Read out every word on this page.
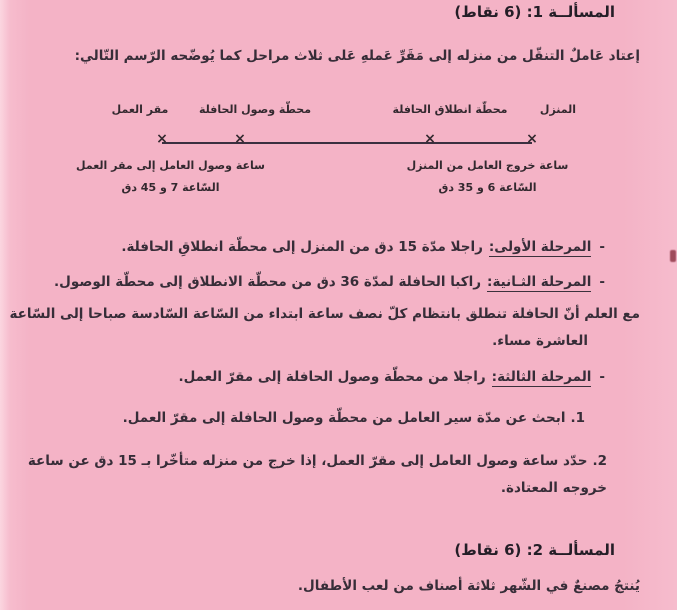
المسألــة 1: (6 نقاط)
إعتاد عَاملٌ التنقّل من منزله إلى مَقَرِّ عَملهِ عَلى ثلاث مراحل كما يُوضّحه الرّسم التّالي:
مقر العمل	محطّة وصول الحافلة	محطّة انطلاق الحافلة	المنزل
×	×	×	×
ساعة خروج العامل من المنزل
السّاعة 6 و 35 دق
ساعة وصول العامل إلى مقر العمل
السّاعة 7 و 45 دق
-المرحلة الأولى:راجلا مدّة 15 دق من المنزل إلى محطّة انطلاقِ الحافلة.
-المرحلة الثـانية:راكبا الحافلة لمدّة 36 دق من محطّة الانطلاق إلى محطّة الوصول.
مع العلم أنّ الحافلة تنطلق بانتظام كلّ نصف ساعة ابتداء من السّاعة السّادسة صباحا إلى السّاعة
العاشرة مساء.
-المرحلة الثالثة:راجلا من محطّة وصول الحافلة إلى مقرّ العمل.
1.ابحث عن مدّة سير العامل من محطّة وصول الحافلة إلى مقرّ العمل.
2.حدّد ساعة وصول العامل إلى مقرّ العمل، إذا خرج من منزله متأخّرا بـ 15 دق عن ساعة
خروجه المعتادة.
المسألــة 2: (6 نقاط)
يُنتجُ مصنعٌ في الشّهر ثلاثة أصناف من لعب الأطفال.
